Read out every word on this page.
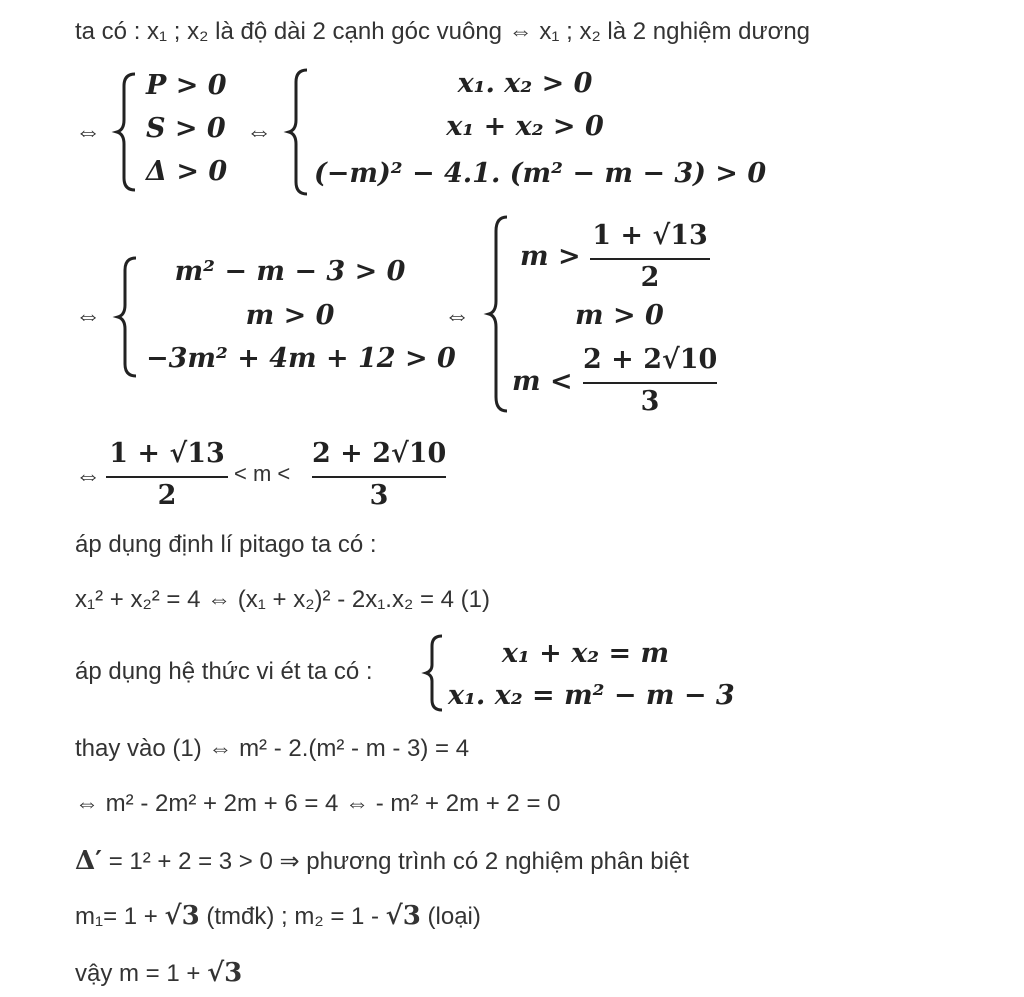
ta có : x₁ ; x₂ là độ dài 2 cạnh góc vuông ⇔ x₁ ; x₂ là 2 nghiệm dương
⇔
P > 0
S > 0
Δ > 0
⇔
x₁. x₂ > 0
x₁ + x₂ > 0
(−m)² − 4.1. (m² − m − 3) > 0
⇔
m² − m − 3 > 0
m > 0
−3m² + 4m + 12 > 0
⇔
m >
1 + √13
2
m > 0
m <
2 + 2√10
3
⇔
1 + √13
2
< m <
2 + 2√10
3
áp dụng định lí pitago ta có :
x₁² + x₂² = 4 ⇔ (x₁ + x₂)² - 2x₁.x₂ = 4 (1)
áp dụng hệ thức vi ét ta có :
x₁ + x₂ = m
x₁. x₂ = m² − m − 3
thay vào (1) ⇔ m² - 2.(m² - m - 3) = 4
⇔ m² - 2m² + 2m + 6 = 4 ⇔ - m² + 2m + 2 = 0
Δ′ = 1² + 2 = 3 > 0 ⇒ phương trình có 2 nghiệm phân biệt
m₁= 1 + √3 (tmđk) ; m₂ = 1 - √3 (loại)
vậy m = 1 + √3
